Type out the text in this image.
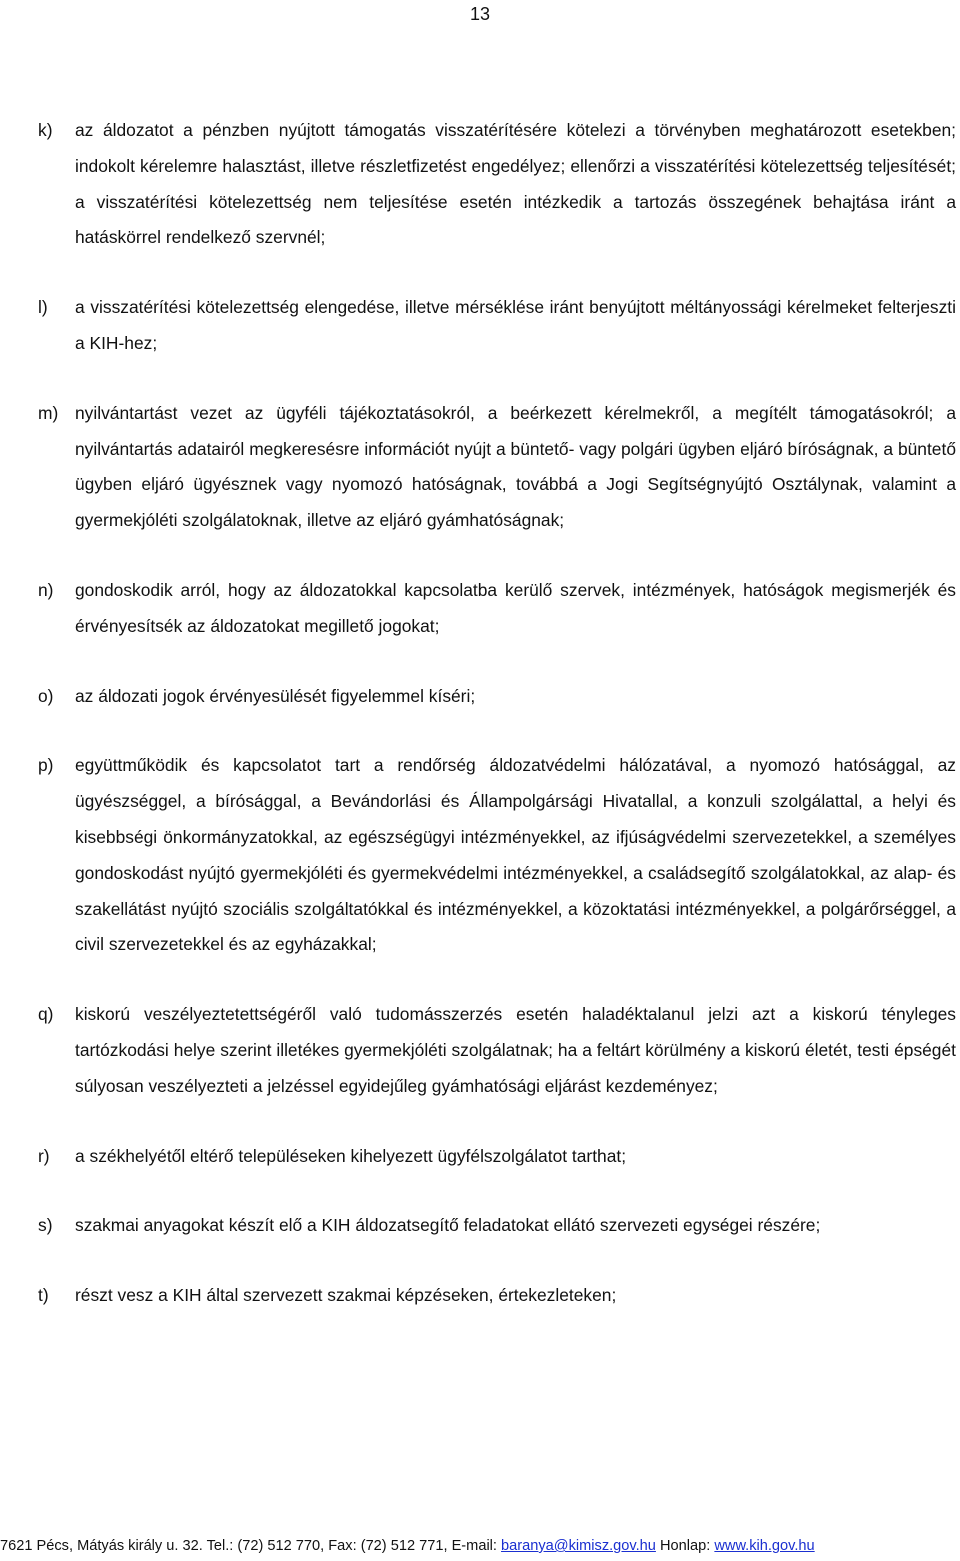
13
k)	az áldozatot a pénzben nyújtott támogatás visszatérítésére kötelezi a törvényben meghatározott esetekben; indokolt kérelemre halasztást, illetve részletfizetést engedélyez; ellenőrzi a visszatérítési kötelezettség teljesítését; a visszatérítési kötelezettség nem teljesítése esetén intézkedik a tartozás összegének behajtása iránt a hatáskörrel rendelkező szervnél;
l)	a visszatérítési kötelezettség elengedése, illetve mérséklése iránt benyújtott méltányossági kérelmeket felterjeszti a KIH-hez;
m) nyilvántartást vezet az ügyféli tájékoztatásokról, a beérkezett kérelmekről, a megítélt támogatásokról; a nyilvántartás adatairól megkeresésre információt nyújt a büntető- vagy polgári ügyben eljáró bíróságnak, a büntető ügyben eljáró ügyésznek vagy nyomozó hatóságnak, továbbá a Jogi Segítségnyújtó Osztálynak, valamint a gyermekjóléti szolgálatoknak, illetve az eljáró gyámhatóságnak;
n)	gondoskodik arról, hogy az áldozatokkal kapcsolatba kerülő szervek, intézmények, hatóságok megismerjék és érvényesítsék az áldozatokat megillető jogokat;
o)	az áldozati jogok érvényesülését figyelemmel kíséri;
p)	együttműködik és kapcsolatot tart a rendőrség áldozatvédelmi hálózatával, a nyomozó hatósággal, az ügyészséggel, a bírósággal, a Bevándorlási és Állampolgársági Hivatallal, a konzuli szolgálattal, a helyi és kisebbségi önkormányzatokkal, az egészségügyi intézményekkel, az ifjúságvédelmi szervezetekkel, a személyes gondoskodást nyújtó gyermekjóléti és gyermekvédelmi intézményekkel, a családsegítő szolgálatokkal, az alap- és szakellátást nyújtó szociális szolgáltatókkal és intézményekkel, a közoktatási intézményekkel, a polgárőrséggel, a civil szervezetekkel és az egyházakkal;
q)	kiskorú veszélyeztetettségéről való tudomásszerzés esetén haladéktalanul jelzi azt a kiskorú tényleges tartózkodási helye szerint illetékes gyermekjóléti szolgálatnak; ha a feltárt körülmény a kiskorú életét, testi épségét súlyosan veszélyezteti a jelzéssel egyidejűleg gyámhatósági eljárást kezdeményez;
r)	a székhelyétől eltérő településeken kihelyezett ügyfélszolgálatot tarthat;
s)	szakmai anyagokat készít elő a KIH áldozatsegítő feladatokat ellátó szervezeti egységei részére;
t)	részt vesz a KIH által szervezett szakmai képzéseken, értekezleteken;
7621 Pécs, Mátyás király u. 32. Tel.: (72) 512 770, Fax: (72) 512 771, E-mail: baranya@kimisz.gov.hu Honlap: www.kih.gov.hu
